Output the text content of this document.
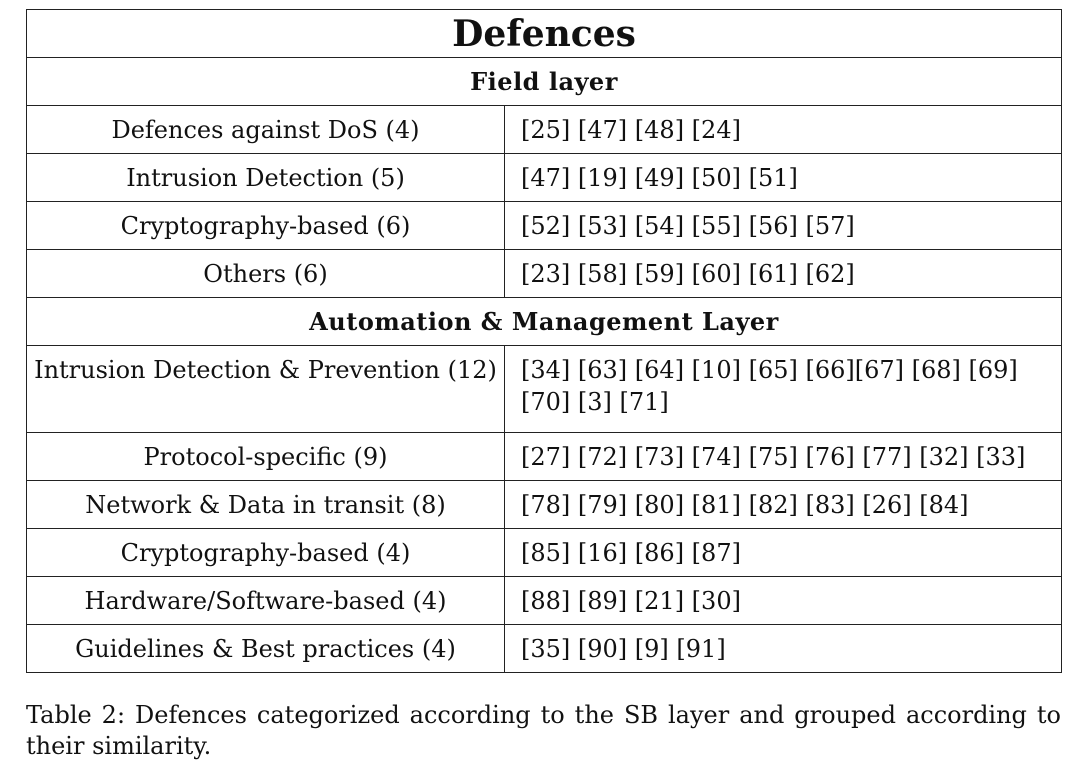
Defences	
Field layer	
Defences against DoS (4)	[25] [47] [48] [24]
Intrusion Detection (5)	[47] [19] [49] [50] [51]
Cryptography-based (6)	[52] [53] [54] [55] [56] [57]
Others (6)	[23] [58] [59] [60] [61] [62]
Automation & Management Layer	
Intrusion Detection & Prevention (12)	[34] [63] [64] [10] [65] [66][67] [68] [69] [70] [3] [71]
Protocol-specific (9)	[27] [72] [73] [74] [75] [76] [77] [32] [33]
Network & Data in transit (8)	[78] [79] [80] [81] [82] [83] [26] [84]
Cryptography-based (4)	[85] [16] [86] [87]
Hardware/Software-based (4)	[88] [89] [21] [30]
Guidelines & Best practices (4)	[35] [90] [9] [91]
Table 2: Defences categorized according to the SB layer and grouped according to their similarity.
